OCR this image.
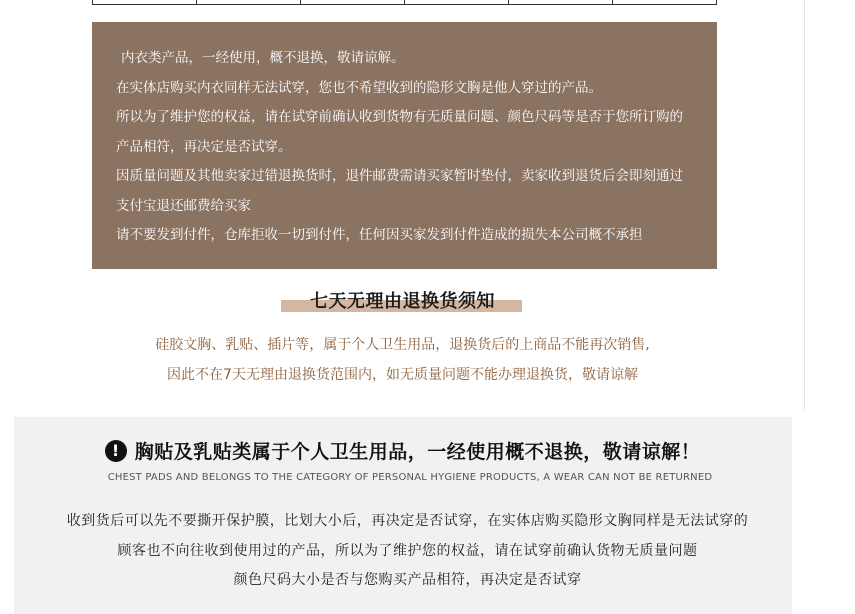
内衣类产品，一经使用，概不退换，敬请谅解。
在实体店购买内衣同样无法试穿，您也不希望收到的隐形文胸是他人穿过的产品。
所以为了维护您的权益，请在试穿前确认收到货物有无质量问题、颜色尺码等是否于您所订购的
产品相符，再决定是否试穿。
因质量问题及其他卖家过错退换货时，退件邮费需请买家暂时垫付，卖家收到退货后会即刻通过
支付宝退还邮费给买家
请不要发到付件，仓库拒收一切到付件，任何因买家发到付件造成的损失本公司概不承担
七天无理由退换货须知
硅胶文胸、乳贴、插片等，属于个人卫生用品，退换货后的上商品不能再次销售,
因此不在7天无理由退换货范围内，如无质量问题不能办理退换货，敬请谅解
! 胸贴及乳贴类属于个人卫生用品，一经使用概不退换，敬请谅解！
CHEST PADS AND BELONGS TO THE CATEGORY OF PERSONAL HYGIENE PRODUCTS, A WEAR CAN NOT BE RETURNED
收到货后可以先不要撕开保护膜，比划大小后，再决定是否试穿，在实体店购买隐形文胸同样是无法试穿的
顾客也不向往收到使用过的产品，所以为了维护您的权益，请在试穿前确认货物无质量问题
颜色尺码大小是否与您购买产品相符，再决定是否试穿
